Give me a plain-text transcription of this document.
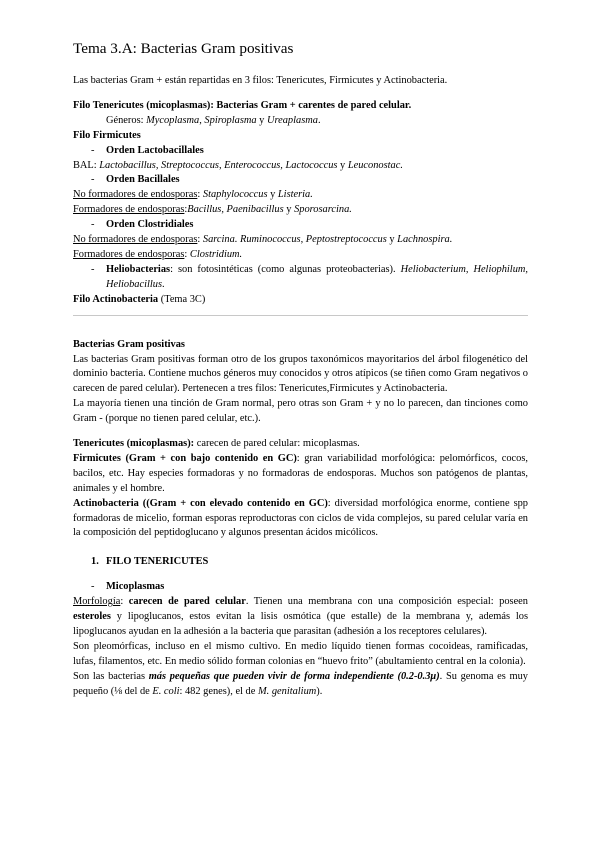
Tema 3.A: Bacterias Gram positivas

Las bacterias Gram + están repartidas en 3 filos: Tenericutes, Firmicutes y Actinobacteria.

Filo Tenericutes (micoplasmas): Bacterias Gram + carentes de pared celular.

Géneros: Mycoplasma, Spiroplasma y Ureaplasma.

Filo Firmicutes

-	Orden Lactobacillales

BAL: Lactobacillus, Streptococcus, Enterococcus, Lactococcus y Leuconostac.

-	Orden Bacillales

No formadores de endosporas: Staphylococcus y Listeria.

Formadores de endosporas:Bacillus, Paenibacillus y Sporosarcina.

-	Orden Clostridiales

No formadores de endosporas: Sarcina. Ruminococcus, Peptostreptococcus y Lachnospira.

Formadores de endosporas: Clostridium.

-	Heliobacterias: son fotosintéticas (como algunas proteobacterias). Heliobacterium, Heliophilum, Heliobacillus.

Filo Actinobacteria (Tema 3C)

Bacterias Gram positivas

Las bacterias Gram positivas forman otro de los grupos taxonómicos mayoritarios del árbol filogenético del dominio bacteria. Contiene muchos géneros muy conocidos y otros atípicos (se tiñen como Gram negativos o carecen de pared celular). Pertenecen a tres filos: Tenericutes,Firmicutes y Actinobacteria.

La mayoría tienen una tinción de Gram normal, pero otras son Gram + y no lo parecen, dan tinciones como Gram - (porque no tienen pared celular, etc.).

Tenericutes (micoplasmas): carecen de pared celular: micoplasmas.

Firmicutes (Gram + con bajo contenido en GC): gran variabilidad morfológica: pelomórficos, cocos, bacilos, etc. Hay especies formadoras y no formadoras de endosporas. Muchos son patógenos de plantas, animales y el hombre.

Actinobacteria ((Gram + con elevado contenido en GC): diversidad morfológica enorme, contiene spp formadoras de micelio, forman esporas reproductoras con ciclos de vida complejos, su pared celular varía en la composición del peptidoglucano y algunos presentan ácidos micólicos.

1. FILO TENERICUTES
-	Micoplasmas

Morfología: carecen de pared celular. Tienen una membrana con una composición especial: poseen esteroles y lipoglucanos, estos evitan la lisis osmótica (que estalle) de la membrana y, además los lipoglucanos ayudan en la adhesión a la bacteria que parasitan (adhesión a los receptores celulares).

Son pleomórficas, incluso en el mismo cultivo. En medio líquido tienen formas cocoideas, ramificadas, lufas, filamentos, etc. En medio sólido forman colonias en “huevo frito” (abultamiento central en la colonia).

Son las bacterias más pequeñas que pueden vivir de forma independiente (0.2-0.3μ). Su genoma es muy pequeño (⅛ del de E. coli: 482 genes), el de M. genitalium).
